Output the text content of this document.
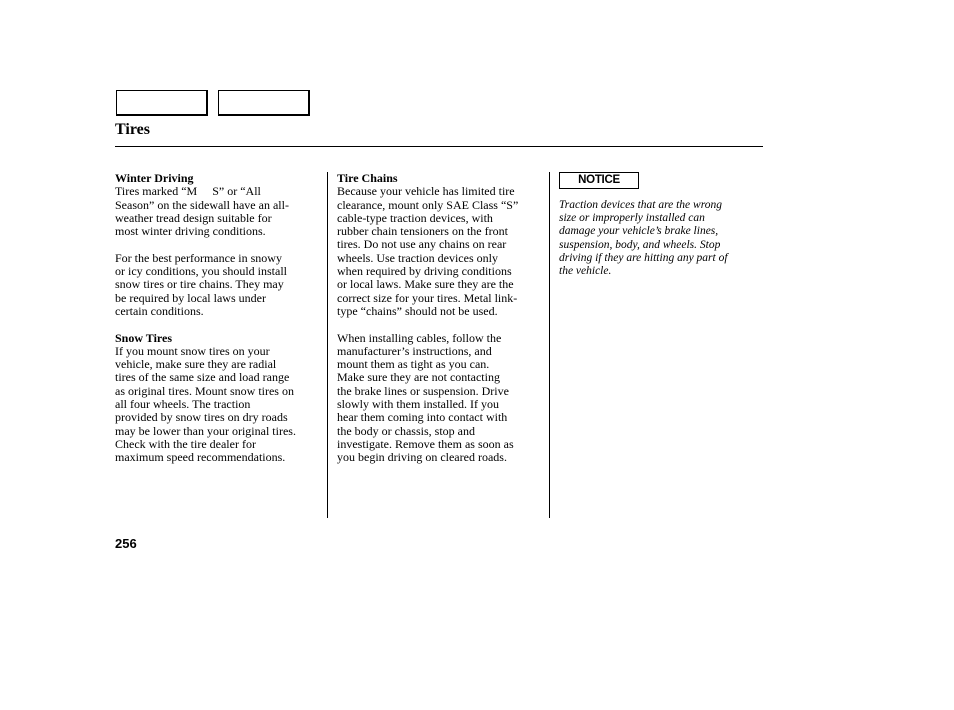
Tires
Winter Driving

Tires marked “M  S” or “All
Season” on the sidewall have an all-
weather tread design suitable for
most winter driving conditions.

For the best performance in snowy
or icy conditions, you should install
snow tires or tire chains. They may
be required by local laws under
certain conditions.

Snow Tires

If you mount snow tires on your
vehicle, make sure they are radial
tires of the same size and load range
as original tires. Mount snow tires on
all four wheels. The traction
provided by snow tires on dry roads
may be lower than your original tires.
Check with the tire dealer for
maximum speed recommendations.

Tire Chains

Because your vehicle has limited tire
clearance, mount only SAE Class “S”
cable-type traction devices, with
rubber chain tensioners on the front
tires. Do not use any chains on rear
wheels. Use traction devices only
when required by driving conditions
or local laws. Make sure they are the
correct size for your tires. Metal link-
type “chains” should not be used.

When installing cables, follow the
manufacturer’s instructions, and
mount them as tight as you can.
Make sure they are not contacting
the brake lines or suspension. Drive
slowly with them installed. If you
hear them coming into contact with
the body or chassis, stop and
investigate. Remove them as soon as
you begin driving on cleared roads.

NOTICE

Traction devices that are the wrong
size or improperly installed can
damage your vehicle’s brake lines,
suspension, body, and wheels. Stop
driving if they are hitting any part of
the vehicle.

256
